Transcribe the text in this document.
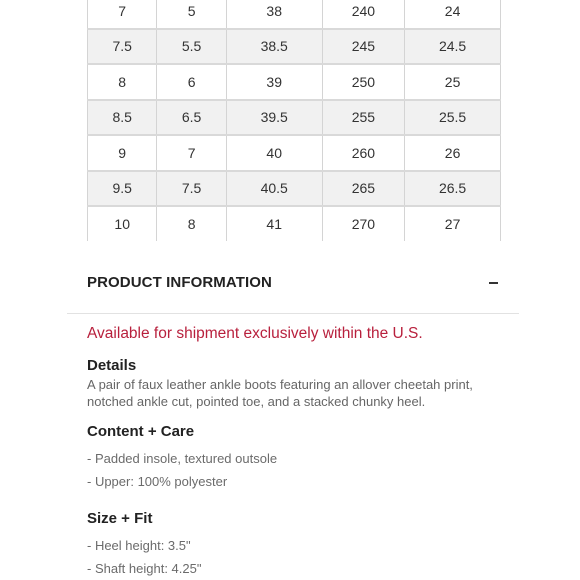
7	5	38	240	24
7.5	5.5	38.5	245	24.5
8	6	39	250	25
8.5	6.5	39.5	255	25.5
9	7	40	260	26
9.5	7.5	40.5	265	26.5
10	8	41	270	27
PRODUCT INFORMATION
Available for shipment exclusively within the U.S.
Details
A pair of faux leather ankle boots featuring an allover cheetah print, notched ankle cut, pointed toe, and a stacked chunky heel.
Content + Care
- Padded insole, textured outsole
- Upper: 100% polyester
Size + Fit
- Heel height: 3.5"
- Shaft height: 4.25"
